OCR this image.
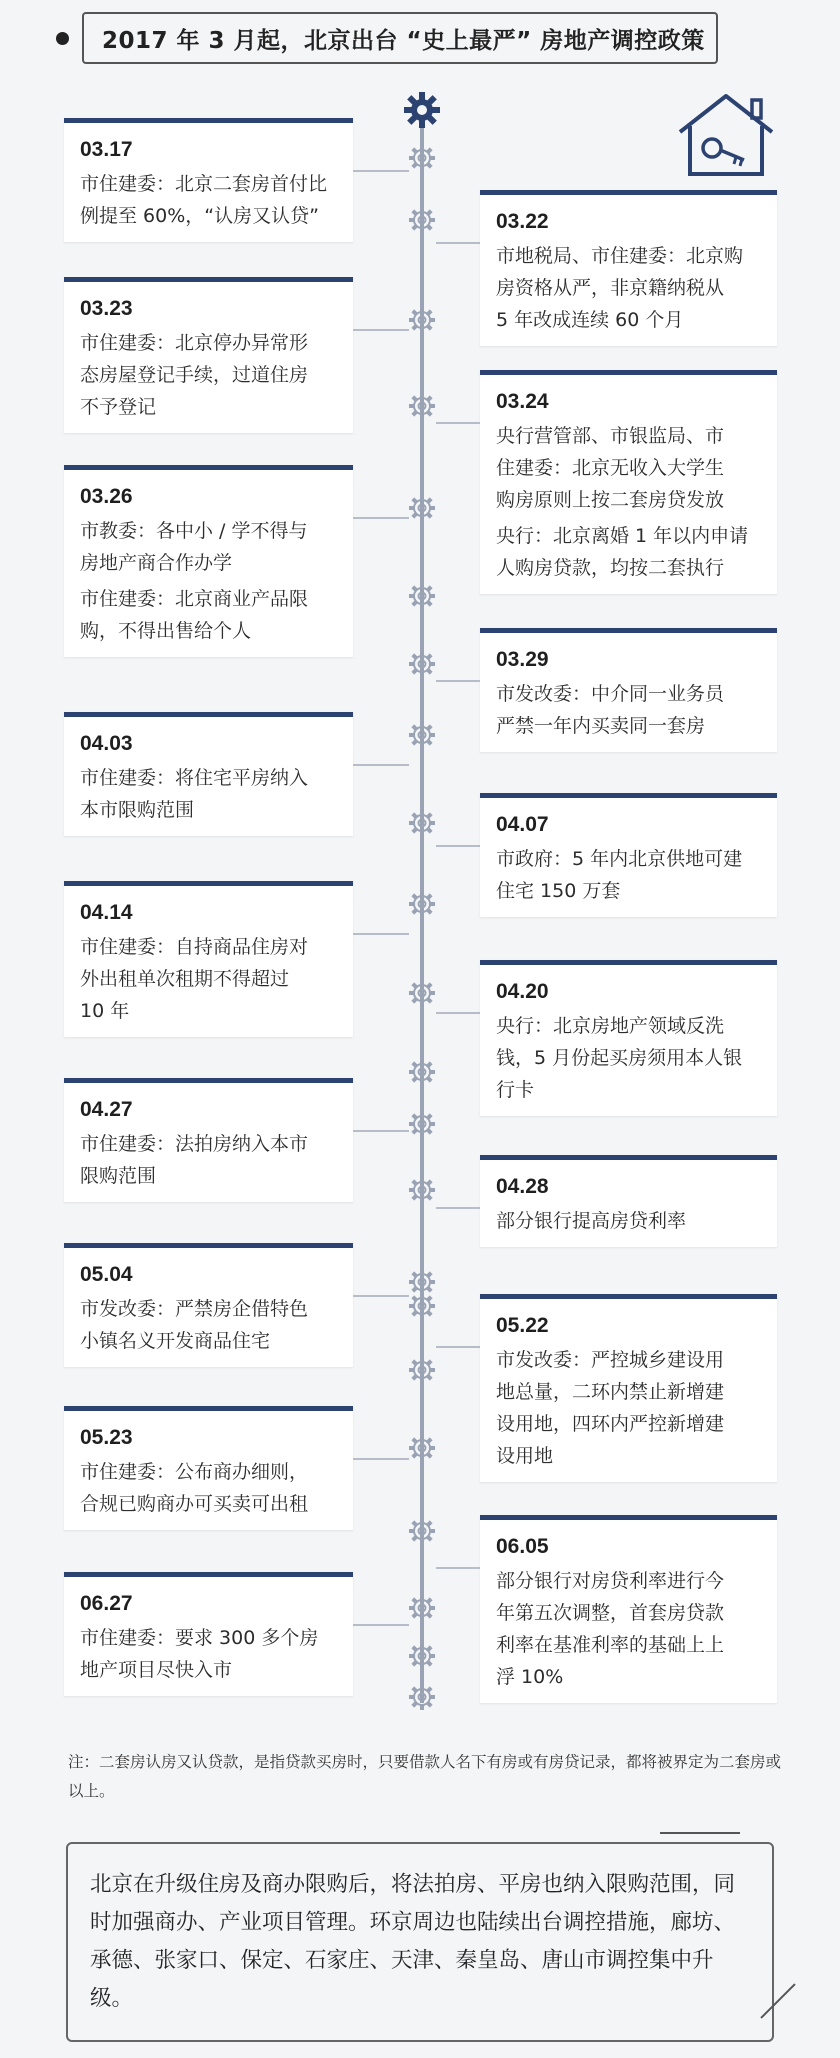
2017 年 3 月起，北京出台 “史上最严” 房地产调控政策
03.17
市住建委：北京二套房首付比
例提至 60%，“认房又认贷”	03.22
市地税局、市住建委：北京购
房资格从严，非京籍纳税从
5 年改成连续 60 个月
03.23
市住建委：北京停办异常形
态房屋登记手续，过道住房
不予登记	03.24
央行营管部、市银监局、市
住建委：北京无收入大学生
购房原则上按二套房贷发放
央行：北京离婚 1 年以内申请
人购房贷款，均按二套执行
03.26
市教委：各中小 / 学不得与
房地产商合作办学
市住建委：北京商业产品限
购，不得出售给个人
03.29
市发改委：中介同一业务员
严禁一年内买卖同一套房
04.03
市住建委：将住宅平房纳入
本市限购范围
04.07
市政府：5 年内北京供地可建
住宅 150 万套
04.14
市住建委：自持商品住房对
外出租单次租期不得超过
10 年
04.20
央行：北京房地产领域反洗
钱，5 月份起买房须用本人银
行卡
04.27
市住建委：法拍房纳入本市
限购范围	04.28
部分银行提高房贷利率
05.04
市发改委：严禁房企借特色
小镇名义开发商品住宅
05.22
市发改委：严控城乡建设用
地总量，二环内禁止新增建
设用地，四环内严控新增建
设用地
05.23
市住建委：公布商办细则，
合规已购商办可买卖可出租
06.05
部分银行对房贷利率进行今
年第五次调整，首套房贷款
利率在基准利率的基础上上
浮 10%
06.27
市住建委：要求 300 多个房
地产项目尽快入市
注：二套房认房又认贷款，是指贷款买房时，只要借款人名下有房或有房贷记录，都将被界定为二套房或以上。
北京在升级住房及商办限购后，将法拍房、平房也纳入限购范围，同时加强商办、产业项目管理。环京周边也陆续出台调控措施，廊坊、承德、张家口、保定、石家庄、天津、秦皇岛、唐山市调控集中升级。
